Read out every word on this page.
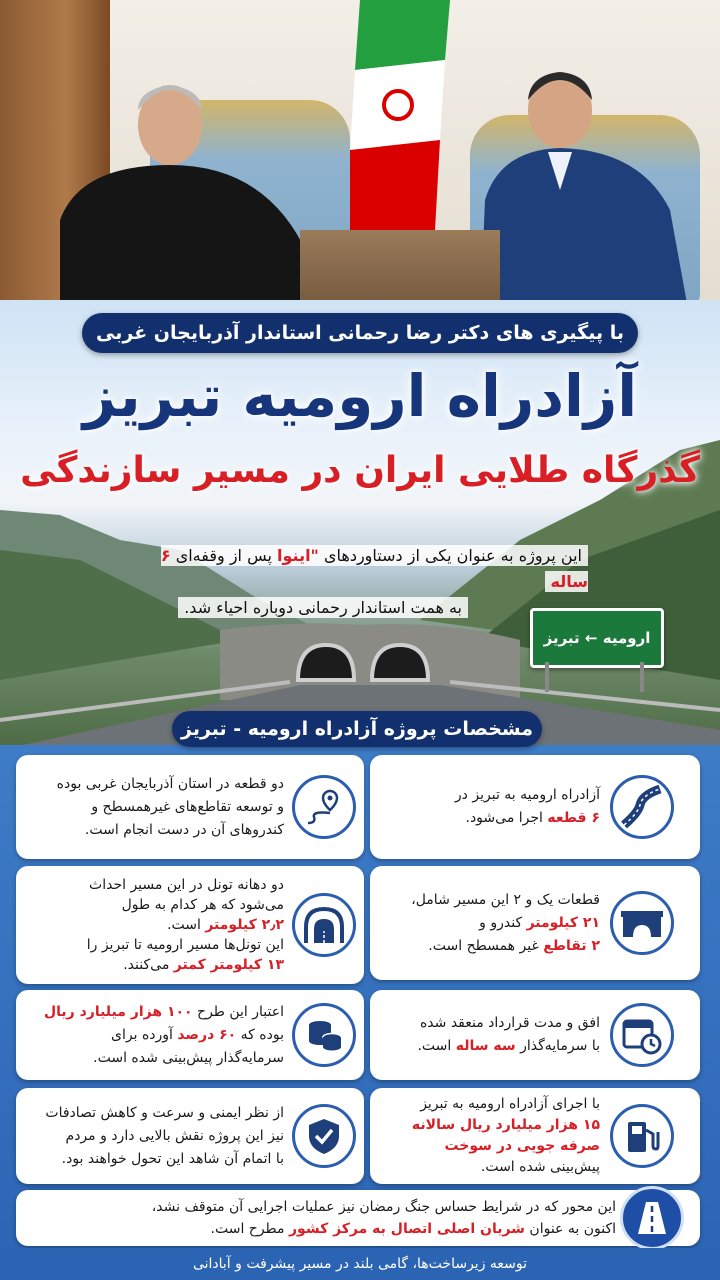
با پیگیری های دکتر رضا رحمانی استاندار آذربایجان غربی
آزادراه ارومیه تبریز
گذرگاه طلایی ایران در مسیر سازندگی
این پروژه به عنوان یکی از دستاوردهای "اینوا پس از وقفه‌ای ۶ ساله
به همت استاندار رحمانی دوباره احیاء شد.
ارومیه ← تبریز
مشخصات پروژه آزادراه ارومیه - تبریز
آزادراه ارومیه به تبریز در
۶ قطعه اجرا می‌شود.
دو قطعه در استان آذربایجان غربی بوده
و توسعه تقاطع‌های غیرهمسطح و
کندروهای آن در دست انجام است.
قطعات یک و ۲ این مسیر شامل،
۲۱ کیلومتر کندرو و
۲ تقاطع غیر همسطح است.
دو دهانه تونل در این مسیر احداث
می‌شود که هر کدام به طول
۲٫۲ کیلومتر است.
این تونل‌ها مسیر ارومیه تا تبریز را
۱۳ کیلومتر کمتر می‌کنند.
افق و مدت قرارداد منعقد شده
با سرمایه‌گذار سه ساله است.
اعتبار این طرح ۱۰۰ هزار میلیارد ریال
بوده که ۶۰ درصد آورده برای
سرمایه‌گذار پیش‌بینی شده است.
با اجرای آزادراه ارومیه به تبریز
۱۵ هزار میلیارد ریال سالانه
صرفه جویی در سوخت
پیش‌بینی شده است.
از نظر ایمنی و سرعت و کاهش تصادفات
نیز این پروژه نقش بالایی دارد و مردم
با اتمام آن شاهد این تحول خواهند بود.
این محور که در شرایط حساس جنگ رمضان نیز عملیات اجرایی آن متوقف نشد،
اکنون به عنوان شریان اصلی اتصال به مرکز کشور مطرح است.
توسعه زیرساخت‌ها، گامی بلند در مسیر پیشرفت و آبادانی
